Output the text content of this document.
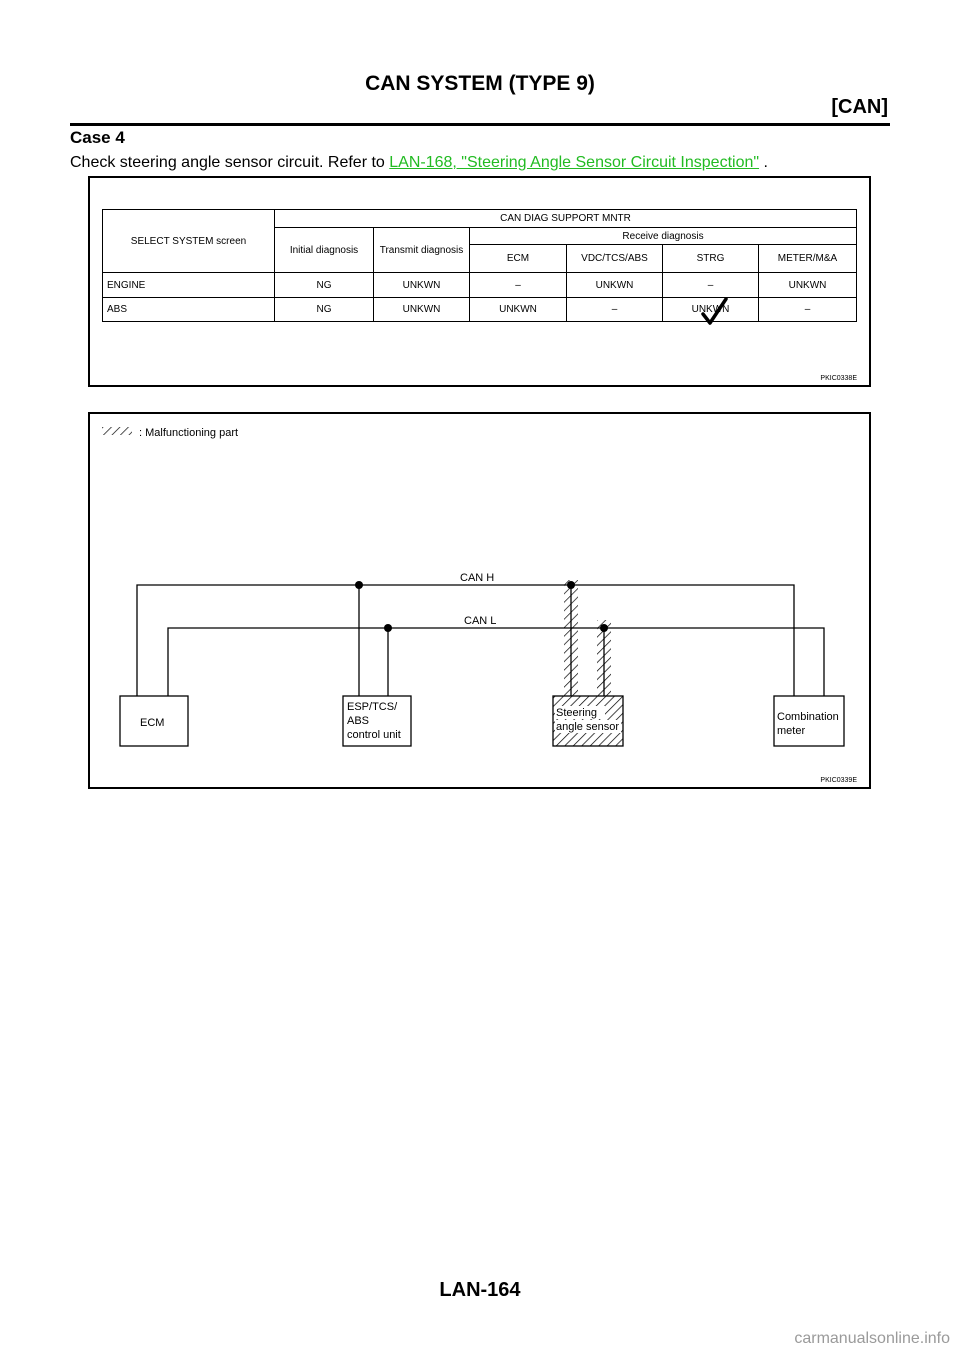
CAN SYSTEM (TYPE 9)
[CAN]
Case 4
Check steering angle sensor circuit. Refer to LAN-168, "Steering Angle Sensor Circuit Inspection" .
SELECT SYSTEM screen	CAN DIAG SUPPORT MNTR					
	Initial diagnosis	Transmit diagnosis	Receive diagnosis			
			ECM	VDC/TCS/ABS	STRG	METER/M&A
ENGINE	NG	UNKWN	–	UNKWN	–	UNKWN
ABS	NG	UNKWN	UNKWN	–	UNKWN	–
PKIC0338E
: Malfunctioning part
CAN H
CAN L
ECM
ESP/TCS/
ABS
control unit
Steering
angle sensor
Combination
meter
PKIC0339E
LAN-164
carmanualsonline.info
